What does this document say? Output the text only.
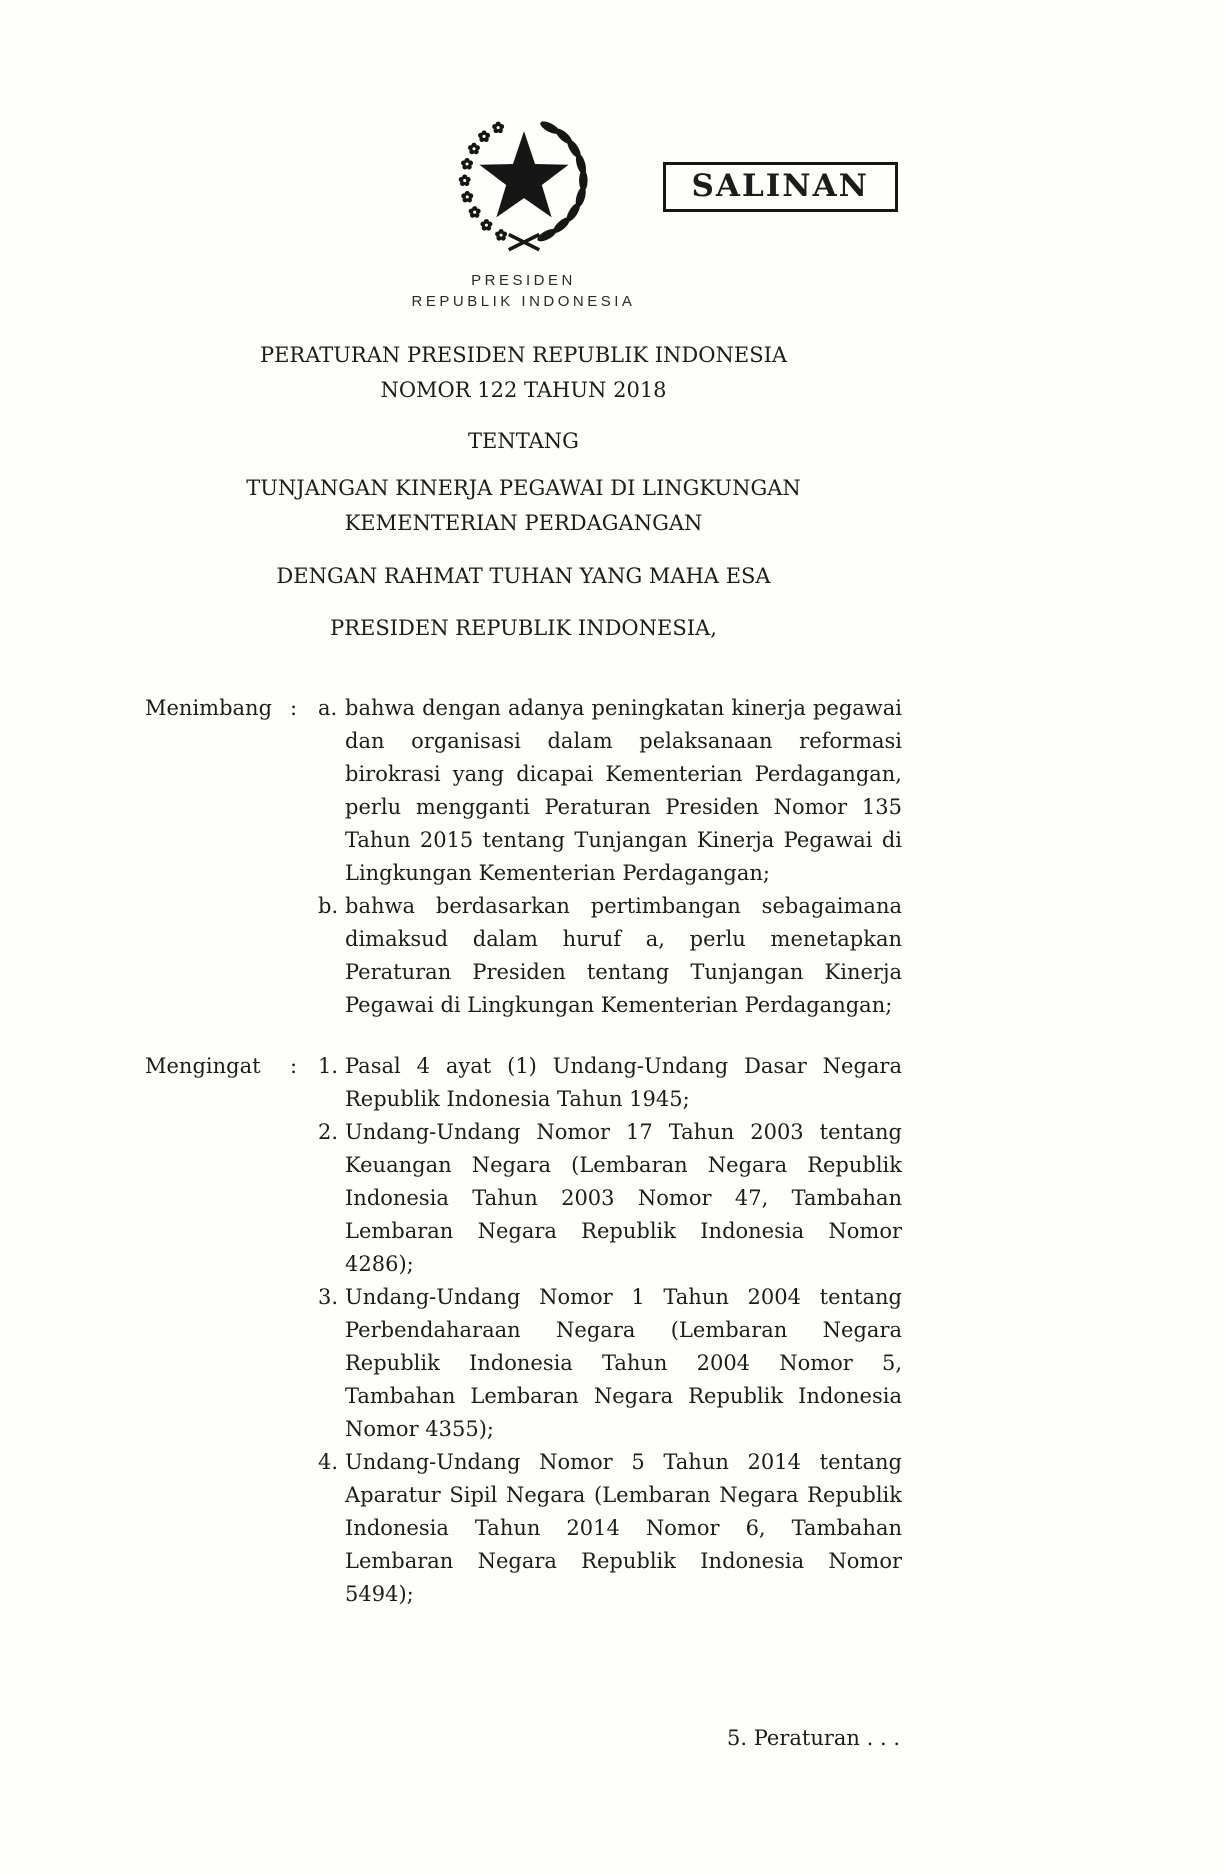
SALINAN
PRESIDEN
REPUBLIK INDONESIA
PERATURAN PRESIDEN REPUBLIK INDONESIA
NOMOR 122 TAHUN 2018
TENTANG
TUNJANGAN KINERJA PEGAWAI DI LINGKUNGAN
KEMENTERIAN PERDAGANGAN
DENGAN RAHMAT TUHAN YANG MAHA ESA
PRESIDEN REPUBLIK INDONESIA,
Menimbang : a. bahwa dengan adanya peningkatan kinerja pegawai dan organisasi dalam pelaksanaan reformasi birokrasi yang dicapai Kementerian Perdagangan, perlu mengganti Peraturan Presiden Nomor 135 Tahun 2015 tentang Tunjangan Kinerja Pegawai di Lingkungan Kementerian Perdagangan;
b. bahwa berdasarkan pertimbangan sebagaimana dimaksud dalam huruf a, perlu menetapkan Peraturan Presiden tentang Tunjangan Kinerja Pegawai di Lingkungan Kementerian Perdagangan;
Mengingat	: 1. Pasal 4 ayat (1) Undang-Undang Dasar Negara Republik Indonesia Tahun 1945;
2. Undang-Undang Nomor 17 Tahun 2003 tentang Keuangan Negara (Lembaran Negara Republik Indonesia Tahun 2003 Nomor 47, Tambahan Lembaran Negara Republik Indonesia Nomor 4286);
3. Undang-Undang Nomor 1 Tahun 2004 tentang Perbendaharaan Negara (Lembaran Negara Republik Indonesia Tahun 2004 Nomor 5, Tambahan Lembaran Negara Republik Indonesia Nomor 4355);
4. Undang-Undang Nomor 5 Tahun 2014 tentang Aparatur Sipil Negara (Lembaran Negara Republik Indonesia Tahun 2014 Nomor 6, Tambahan Lembaran Negara Republik Indonesia Nomor 5494);
5. Peraturan . . .
